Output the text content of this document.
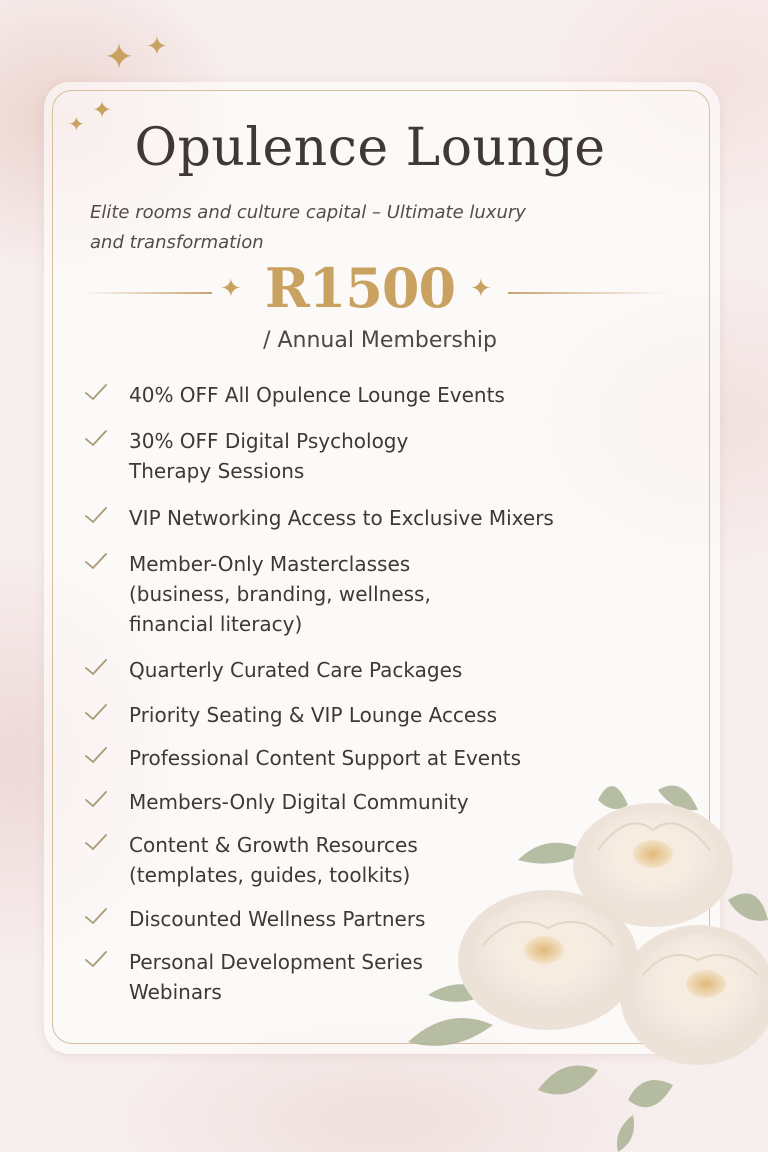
✦ ✦
✦
✦ Opulence Lounge

Elite rooms and culture capital – Ultimate luxury
and transformation

✦ R1500 ✦

/ Annual Membership

40% OFF All Opulence Lounge Events
30% OFF Digital Psychology
Therapy Sessions
VIP Networking Access to Exclusive Mixers
Member-Only Masterclasses
(business, branding, wellness,
financial literacy)
Quarterly Curated Care Packages
Priority Seating & VIP Lounge Access
Professional Content Support at Events
Members-Only Digital Community
Content & Growth Resources
(templates, guides, toolkits)
Discounted Wellness Partners
Personal Development Series
Webinars
